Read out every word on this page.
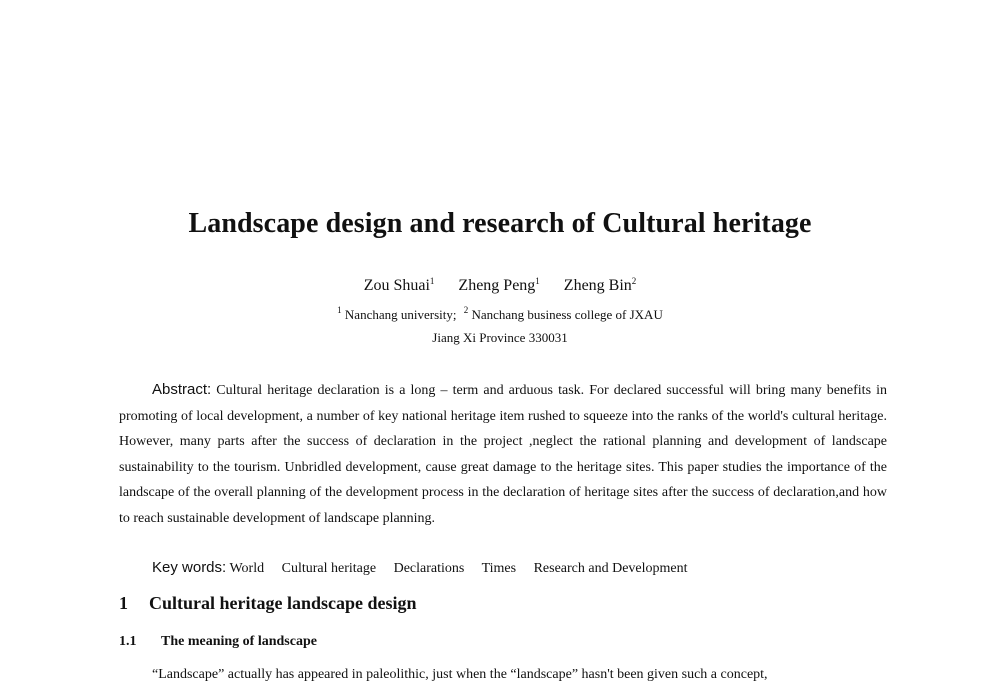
Landscape design and research of Cultural heritage
Zou Shuai$^1$ Zheng Peng$^1$ Zheng Bin$^2$
$^1$ Nanchang university; $^2$ Nanchang business college of JXAU
Jiang Xi Province 330031
Abstract: Cultural heritage declaration is a long – term and arduous task. For declared successful will bring many benefits in promoting of local development, a number of key national heritage item rushed to squeeze into the ranks of the world's cultural heritage. However, many parts after the success of declaration in the project ,neglect the rational planning and development of landscape sustainability to the tourism. Unbridled development, cause great damage to the heritage sites. This paper studies the importance of the landscape of the overall planning of the development process in the declaration of heritage sites after the success of declaration,and how to reach sustainable development of landscape planning.
Key words: World Cultural heritage Declarations Times Research and Development
1 Cultural heritage landscape design
1.1 The meaning of landscape
“Landscape” actually has appeared in paleolithic, just when the “landscape” hasn't been given such a concept,
